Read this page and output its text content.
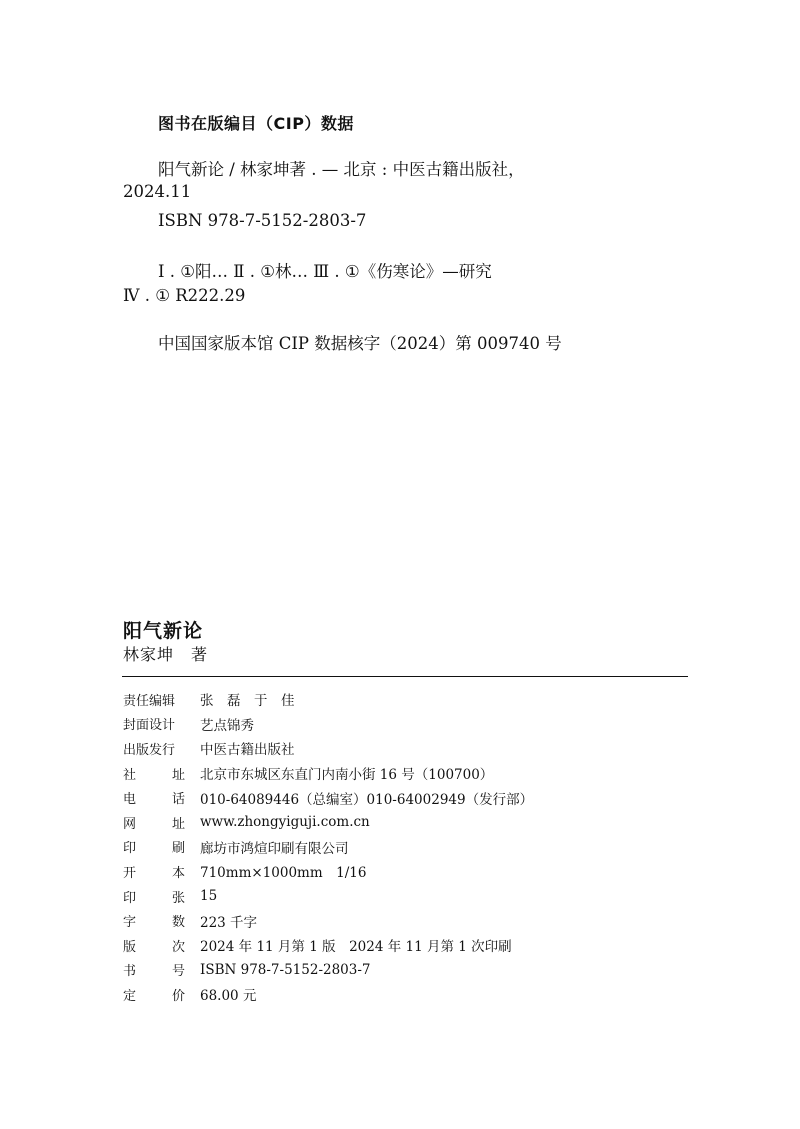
图书在版编目（CIP）数据
阳气新论 / 林家坤著 . — 北京 : 中医古籍出版社，
2024.11
ISBN 978-7-5152-2803-7
Ⅰ . ①阳… Ⅱ . ①林… Ⅲ . ①《伤寒论》—研究
Ⅳ . ① R222.29
中国国家版本馆 CIP 数据核字（2024）第 009740 号
阳气新论
林家坤　著
责任编辑 张　磊　于　佳
封面设计 艺点锦秀
出版发行 中医古籍出版社
社	址 北京市东城区东直门内南小街 16 号（100700）
电	话 010-64089446（总编室）010-64002949（发行部）
网	址 www.zhongyiguji.com.cn
印	刷 廊坊市鸿煊印刷有限公司
开	本 710mm×1000mm　1/16
印	张 15
字	数 223 千字
版	次 2024 年 11 月第 1 版　2024 年 11 月第 1 次印刷
书	号 ISBN 978-7-5152-2803-7
定	价 68.00 元
